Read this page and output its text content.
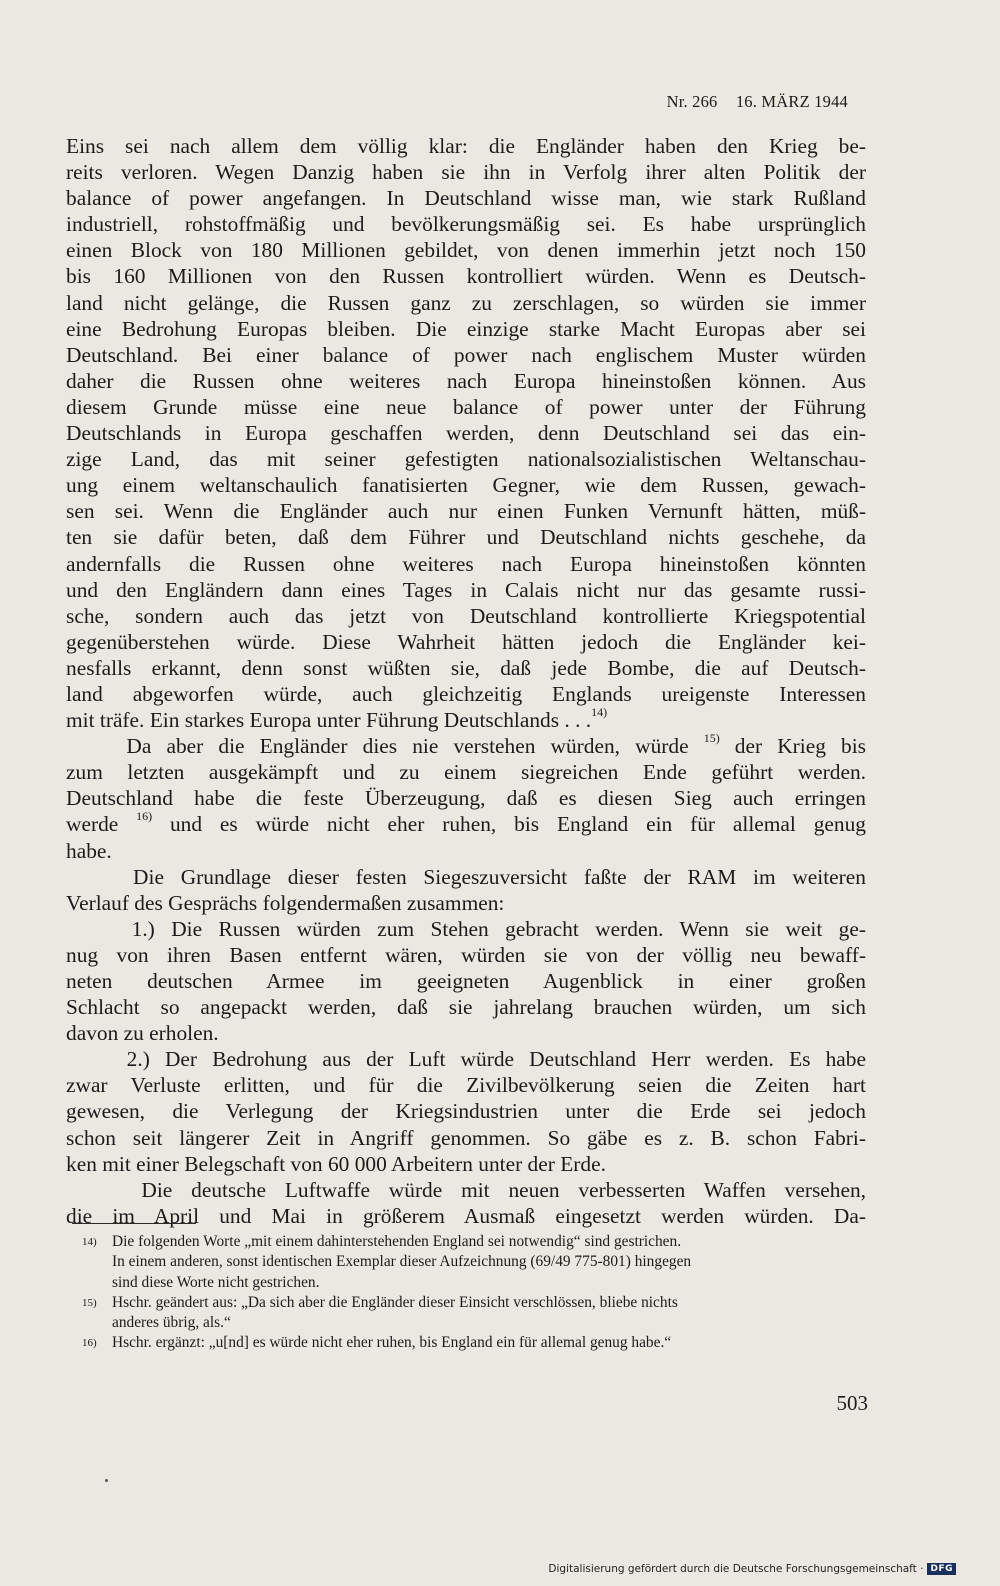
Nr. 266 16. MÄRZ 1944

Eins sei nach allem dem völlig klar: die Engländer haben den Krieg be-
reits verloren. Wegen Danzig haben sie ihn in Verfolg ihrer alten Politik der
balance of power angefangen. In Deutschland wisse man, wie stark Rußland
industriell, rohstoffmäßig und bevölkerungsmäßig sei. Es habe ursprünglich
einen Block von 180 Millionen gebildet, von denen immerhin jetzt noch 150
bis 160 Millionen von den Russen kontrolliert würden. Wenn es Deutsch-
land nicht gelänge, die Russen ganz zu zerschlagen, so würden sie immer
eine Bedrohung Europas bleiben. Die einzige starke Macht Europas aber sei
Deutschland. Bei einer balance of power nach englischem Muster würden
daher die Russen ohne weiteres nach Europa hineinstoßen können. Aus
diesem Grunde müsse eine neue balance of power unter der Führung
Deutschlands in Europa geschaffen werden, denn Deutschland sei das ein-
zige Land, das mit seiner gefestigten nationalsozialistischen Weltanschau-
ung einem weltanschaulich fanatisierten Gegner, wie dem Russen, gewach-
sen sei. Wenn die Engländer auch nur einen Funken Vernunft hätten, müß-
ten sie dafür beten, daß dem Führer und Deutschland nichts geschehe, da
andernfalls die Russen ohne weiteres nach Europa hineinstoßen könnten
und den Engländern dann eines Tages in Calais nicht nur das gesamte russi-
sche, sondern auch das jetzt von Deutschland kontrollierte Kriegspotential
gegenüberstehen würde. Diese Wahrheit hätten jedoch die Engländer kei-
nesfalls erkannt, denn sonst wüßten sie, daß jede Bombe, die auf Deutsch-
land abgeworfen würde, auch gleichzeitig Englands ureigenste Interessen
mit träfe. Ein starkes Europa unter Führung Deutschlands . . .$^{14)}$

Da aber die Engländer dies nie verstehen würden, würde $^{15)}$ der Krieg bis
zum letzten ausgekämpft und zu einem siegreichen Ende geführt werden.
Deutschland habe die feste Überzeugung, daß es diesen Sieg auch erringen
werde $^{16)}$ und es würde nicht eher ruhen, bis England ein für allemal genug
habe.

Die Grundlage dieser festen Siegeszuversicht faßte der RAM im weiteren
Verlauf des Gesprächs folgendermaßen zusammen:

1.) Die Russen würden zum Stehen gebracht werden. Wenn sie weit ge-
nug von ihren Basen entfernt wären, würden sie von der völlig neu bewaff-
neten deutschen Armee im geeigneten Augenblick in einer großen
Schlacht so angepackt werden, daß sie jahrelang brauchen würden, um sich
davon zu erholen.

2.) Der Bedrohung aus der Luft würde Deutschland Herr werden. Es habe
zwar Verluste erlitten, und für die Zivilbevölkerung seien die Zeiten hart
gewesen, die Verlegung der Kriegsindustrien unter die Erde sei jedoch
schon seit längerer Zeit in Angriff genommen. So gäbe es z. B. schon Fabri-
ken mit einer Belegschaft von 60 000 Arbeitern unter der Erde.

Die deutsche Luftwaffe würde mit neuen verbesserten Waffen versehen,
die im April und Mai in größerem Ausmaß eingesetzt werden würden. Da-

14) Die folgenden Worte „mit einem dahinterstehenden England sei notwendig“ sind gestrichen.
In einem anderen, sonst identischen Exemplar dieser Aufzeichnung (69/49 775-801) hingegen
sind diese Worte nicht gestrichen.
15) Hschr. geändert aus: „Da sich aber die Engländer dieser Einsicht verschlössen, bliebe nichts
anderes übrig, als.“
16) Hschr. ergänzt: „u[nd] es würde nicht eher ruhen, bis England ein für allemal genug habe.“
503
Digitalisierung gefördert durch die Deutsche Forschungsgemeinschaft · DFG
